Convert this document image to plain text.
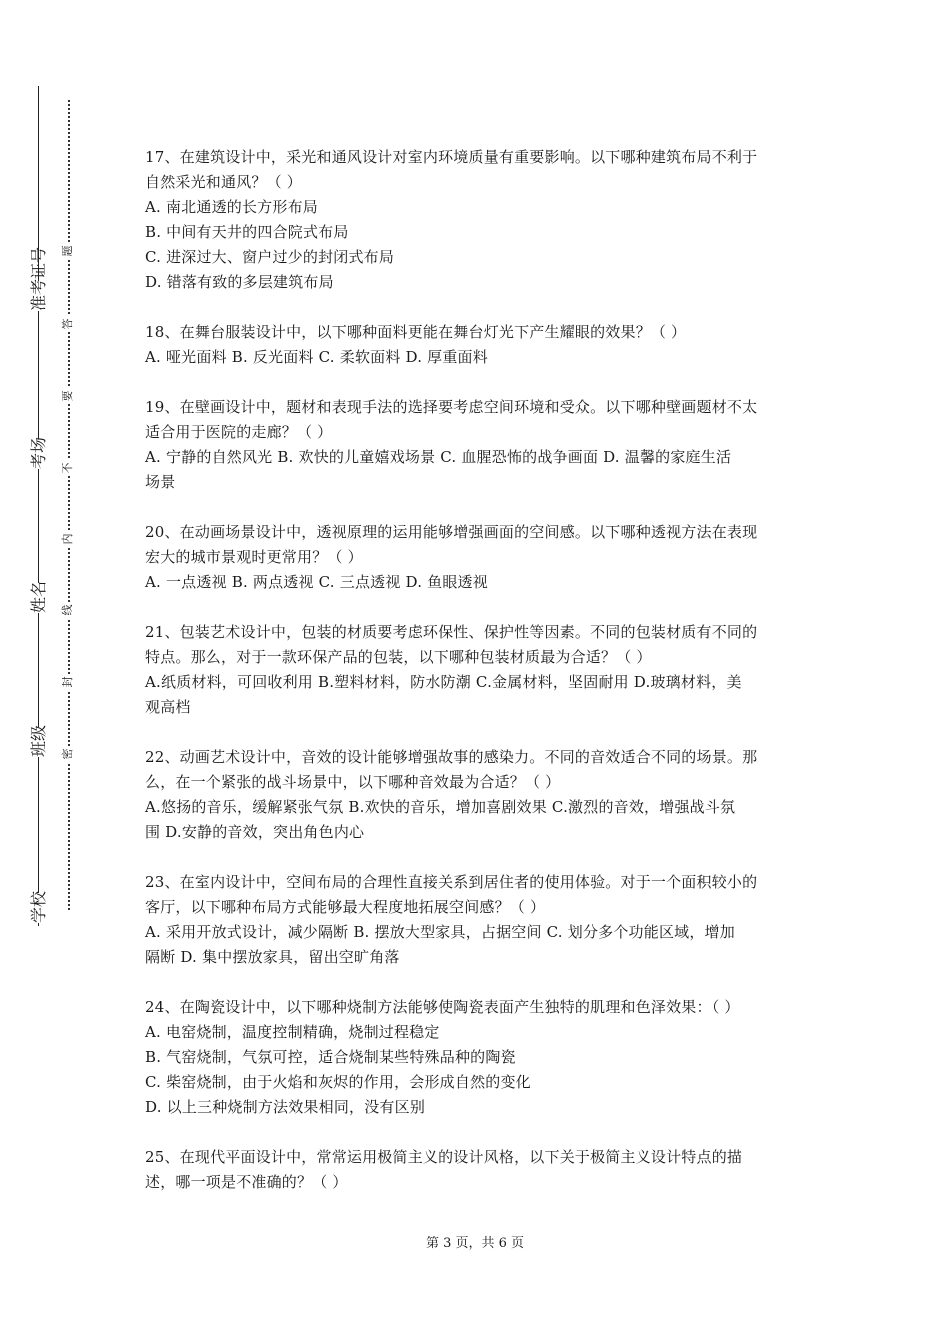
准考证号
考场
姓名
班级
学校
题
答
要
不
内
线
封
密
17、在建筑设计中，采光和通风设计对室内环境质量有重要影响。以下哪种建筑布局不利于
自然采光和通风？（ ）
A. 南北通透的长方形布局
B. 中间有天井的四合院式布局
C. 进深过大、窗户过少的封闭式布局
D. 错落有致的多层建筑布局
18、在舞台服装设计中，以下哪种面料更能在舞台灯光下产生耀眼的效果？（ ）
A. 哑光面料 B. 反光面料 C. 柔软面料 D. 厚重面料
19、在壁画设计中，题材和表现手法的选择要考虑空间环境和受众。以下哪种壁画题材不太
适合用于医院的走廊？（ ）
A. 宁静的自然风光 B. 欢快的儿童嬉戏场景 C. 血腥恐怖的战争画面 D. 温馨的家庭生活
场景
20、在动画场景设计中，透视原理的运用能够增强画面的空间感。以下哪种透视方法在表现
宏大的城市景观时更常用？（ ）
A. 一点透视 B. 两点透视 C. 三点透视 D. 鱼眼透视
21、包装艺术设计中，包装的材质要考虑环保性、保护性等因素。不同的包装材质有不同的
特点。那么，对于一款环保产品的包装，以下哪种包装材质最为合适？（ ）
A.纸质材料，可回收利用 B.塑料材料，防水防潮 C.金属材料，坚固耐用 D.玻璃材料，美
观高档
22、动画艺术设计中，音效的设计能够增强故事的感染力。不同的音效适合不同的场景。那
么，在一个紧张的战斗场景中，以下哪种音效最为合适？（ ）
A.悠扬的音乐，缓解紧张气氛 B.欢快的音乐，增加喜剧效果 C.激烈的音效，增强战斗氛
围 D.安静的音效，突出角色内心
23、在室内设计中，空间布局的合理性直接关系到居住者的使用体验。对于一个面积较小的
客厅，以下哪种布局方式能够最大程度地拓展空间感？（ ）
A. 采用开放式设计，减少隔断 B. 摆放大型家具，占据空间 C. 划分多个功能区域，增加
隔断 D. 集中摆放家具，留出空旷角落
24、在陶瓷设计中，以下哪种烧制方法能够使陶瓷表面产生独特的肌理和色泽效果：（ ）
A. 电窑烧制，温度控制精确，烧制过程稳定
B. 气窑烧制，气氛可控，适合烧制某些特殊品种的陶瓷
C. 柴窑烧制，由于火焰和灰烬的作用，会形成自然的变化
D. 以上三种烧制方法效果相同，没有区别
25、在现代平面设计中，常常运用极简主义的设计风格，以下关于极简主义设计特点的描
述，哪一项是不准确的？（ ）
第 3 页，共 6 页
